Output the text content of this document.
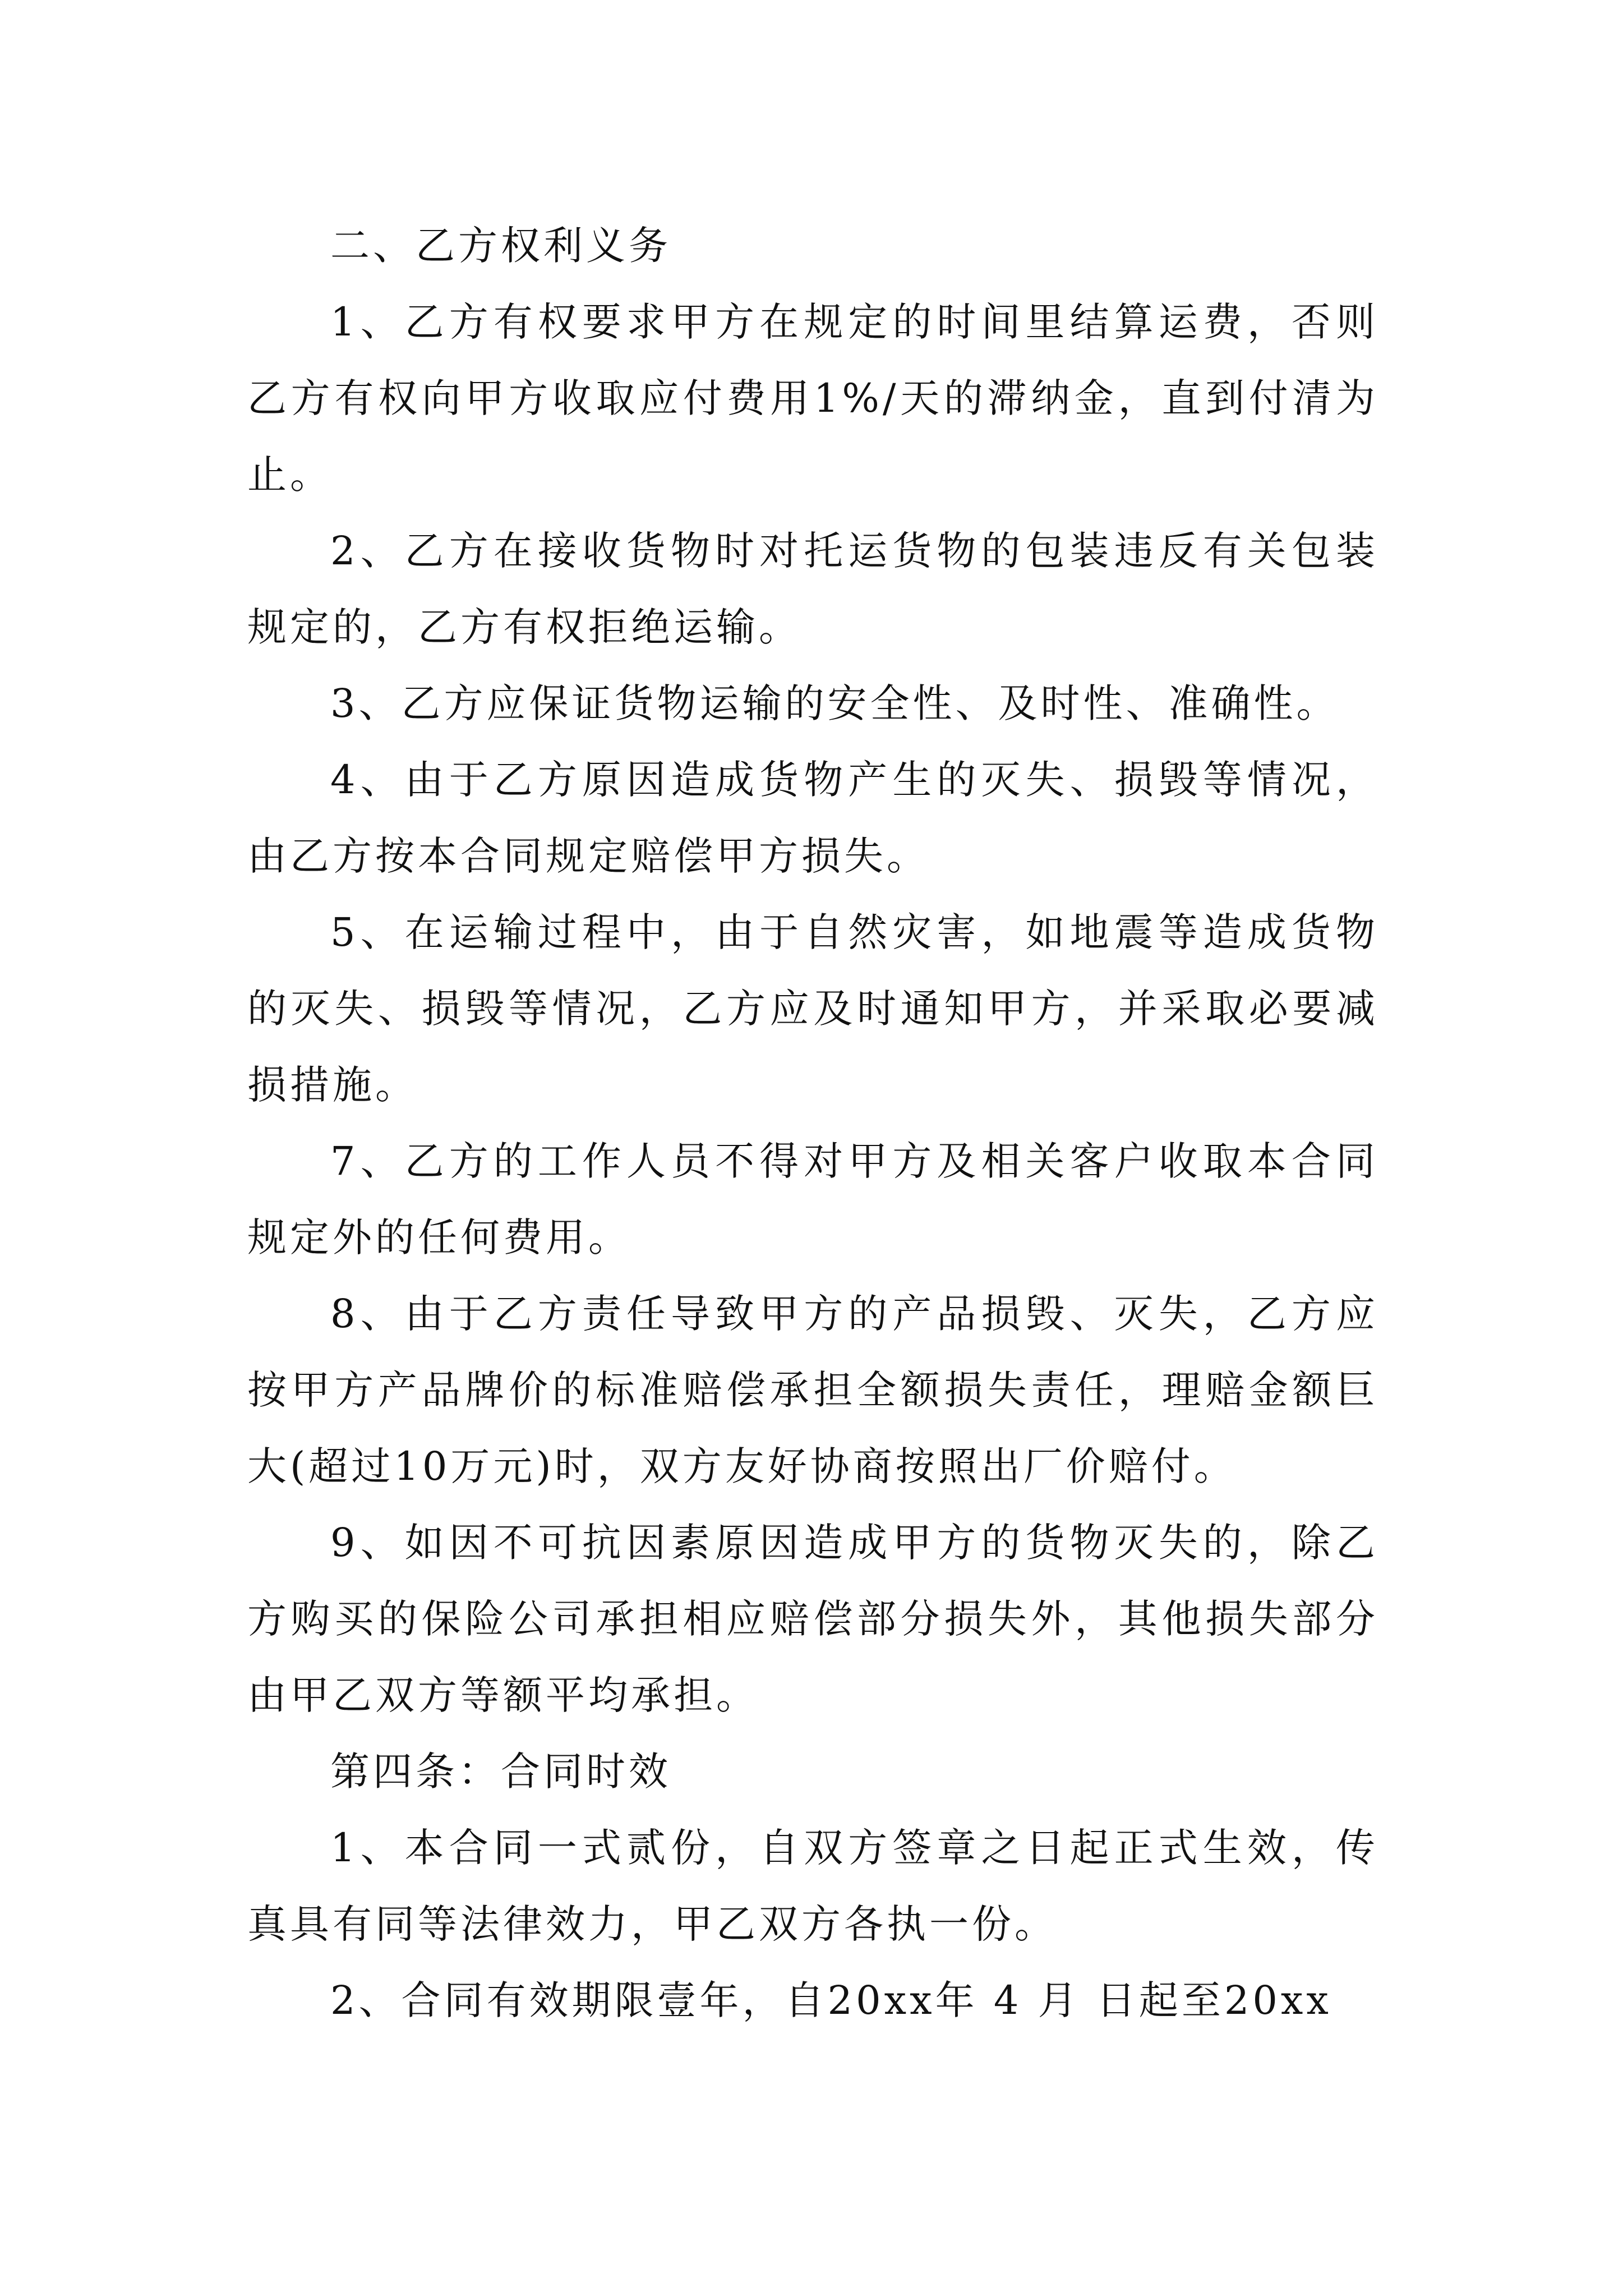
二、乙方权利义务

1、乙方有权要求甲方在规定的时间里结算运费，否则乙方有权向甲方收取应付费用1%/天的滞纳金，直到付清为止。

2、乙方在接收货物时对托运货物的包装违反有关包装规定的，乙方有权拒绝运输。

3、乙方应保证货物运输的安全性、及时性、准确性。

4、由于乙方原因造成货物产生的灭失、损毁等情况，由乙方按本合同规定赔偿甲方损失。

5、在运输过程中，由于自然灾害，如地震等造成货物的灭失、损毁等情况，乙方应及时通知甲方，并采取必要减损措施。

7、乙方的工作人员不得对甲方及相关客户收取本合同规定外的任何费用。

8、由于乙方责任导致甲方的产品损毁、灭失，乙方应按甲方产品牌价的标准赔偿承担全额损失责任，理赔金额巨大(超过10万元)时，双方友好协商按照出厂价赔付。

9、如因不可抗因素原因造成甲方的货物灭失的，除乙方购买的保险公司承担相应赔偿部分损失外，其他损失部分由甲乙双方等额平均承担。

第四条：合同时效

1、本合同一式贰份，自双方签章之日起正式生效，传真具有同等法律效力，甲乙双方各执一份。

2、合同有效期限壹年，自20xx年 4 月 日起至20xx
